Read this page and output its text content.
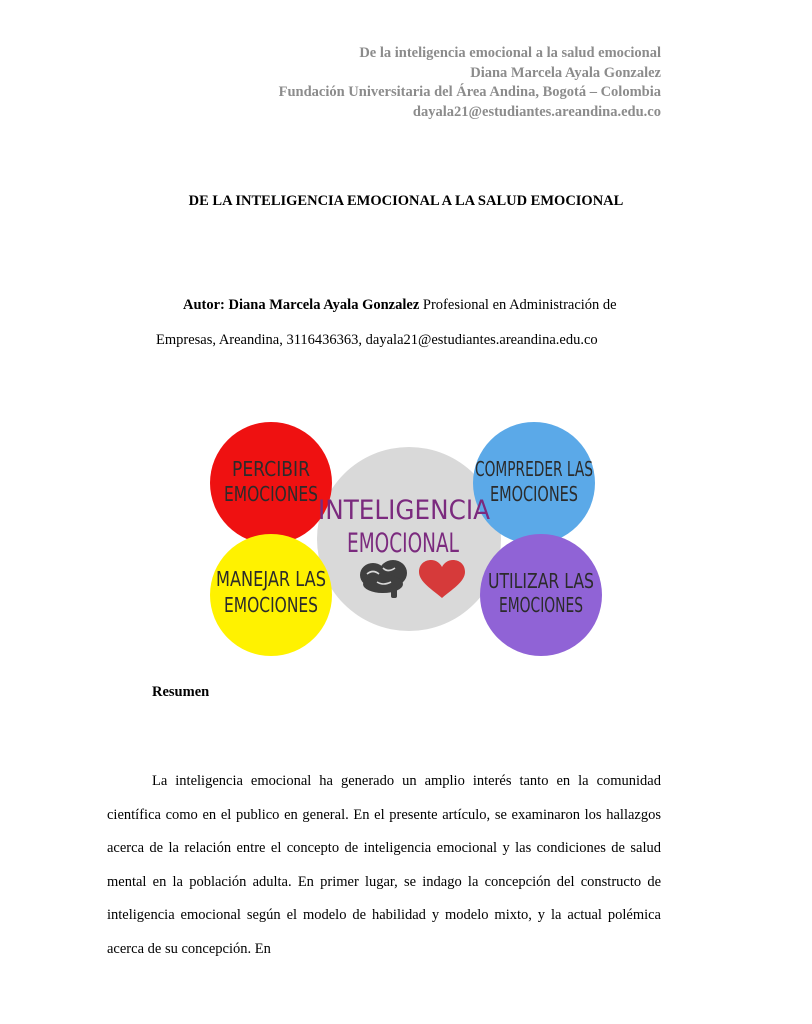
De la inteligencia emocional a la salud emocional
Diana Marcela Ayala Gonzalez
Fundación Universitaria del Área Andina, Bogotá – Colombia
dayala21@estudiantes.areandina.edu.co
DE LA INTELIGENCIA EMOCIONAL A LA SALUD EMOCIONAL
Autor: Diana Marcela Ayala Gonzalez Profesional en Administración de
Empresas, Areandina, 3116436363, dayala21@estudiantes.areandina.edu.co
INTELIGENCIA
EMOCIONAL
PERCIBIR
EMOCIONES
COMPREDER LAS
EMOCIONES
MANEJAR LAS
EMOCIONES
UTILIZAR LAS
EMOCIONES
Resumen

La inteligencia emocional ha generado un amplio interés tanto en la comunidad científica como en el publico en general. En el presente artículo, se examinaron los hallazgos acerca de la relación entre el concepto de inteligencia emocional y las condiciones de salud mental en la población adulta. En primer lugar, se indago la concepción del constructo de inteligencia emocional según el modelo de habilidad y modelo mixto, y la actual polémica acerca de su concepción. En
